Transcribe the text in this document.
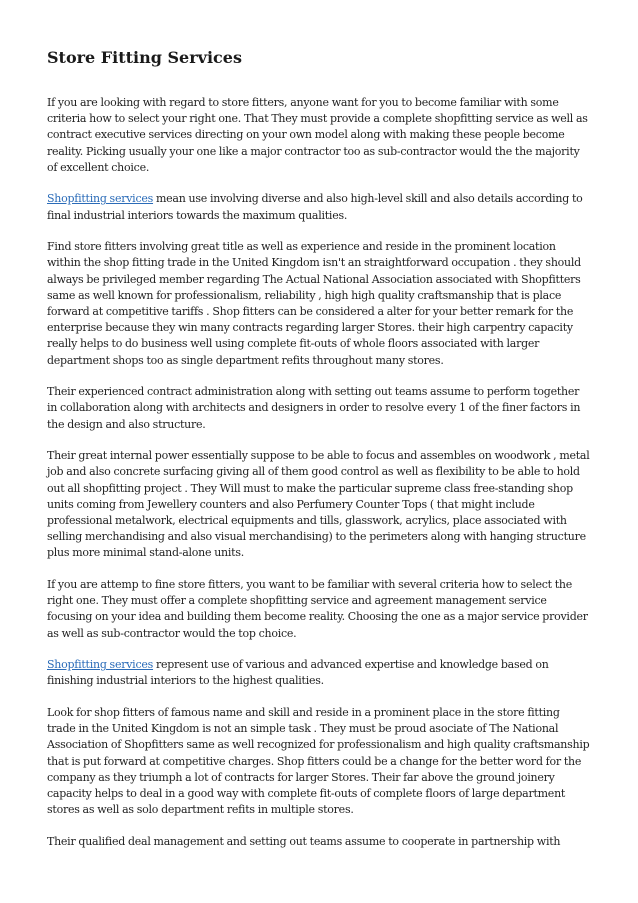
Store Fitting Services

If you are looking with regard to store fitters, anyone want for you to become familiar with some criteria how to select your right one. That They must provide a complete shopfitting service as well as contract executive services directing on your own model along with making these people become reality. Picking usually your one like a major contractor too as sub-contractor would the the majority of excellent choice.

Shopfitting services mean use involving diverse and also high-level skill and also details according to final industrial interiors towards the maximum qualities.

Find store fitters involving great title as well as experience and reside in the prominent location within the shop fitting trade in the United Kingdom isn't an straightforward occupation . they should always be privileged member regarding The Actual National Association associated with Shopfitters same as well known for professionalism, reliability , high high quality craftsmanship that is place forward at competitive tariffs . Shop fitters can be considered a alter for your better remark for the enterprise because they win many contracts regarding larger Stores. their high carpentry capacity really helps to do business well using complete fit-outs of whole floors associated with larger department shops too as single department refits throughout many stores.

Their experienced contract administration along with setting out teams assume to perform together in collaboration along with architects and designers in order to resolve every 1 of the finer factors in the design and also structure.

Their great internal power essentially suppose to be able to focus and assembles on woodwork , metal job and also concrete surfacing giving all of them good control as well as flexibility to be able to hold out all shopfitting project . They Will must to make the particular supreme class free-standing shop units coming from Jewellery counters and also Perfumery Counter Tops ( that might include professional metalwork, electrical equipments and tills, glasswork, acrylics, place associated with selling merchandising and also visual merchandising) to the perimeters along with hanging structure plus more minimal stand-alone units.

If you are attemp to fine store fitters, you want to be familiar with several criteria how to select the right one. They must offer a complete shopfitting service and agreement management service focusing on your idea and building them become reality. Choosing the one as a major service provider as well as sub-contractor would the top choice.

Shopfitting services represent use of various and advanced expertise and knowledge based on finishing industrial interiors to the highest qualities.

Look for shop fitters of famous name and skill and reside in a prominent place in the store fitting trade in the United Kingdom is not an simple task . They must be proud asociate of The National Association of Shopfitters same as well recognized for professionalism and high quality craftsmanship that is put forward at competitive charges. Shop fitters could be a change for the better word for the company as they triumph a lot of contracts for larger Stores. Their far above the ground joinery capacity helps to deal in a good way with complete fit-outs of complete floors of large department stores as well as solo department refits in multiple stores.

Their qualified deal management and setting out teams assume to cooperate in partnership with
